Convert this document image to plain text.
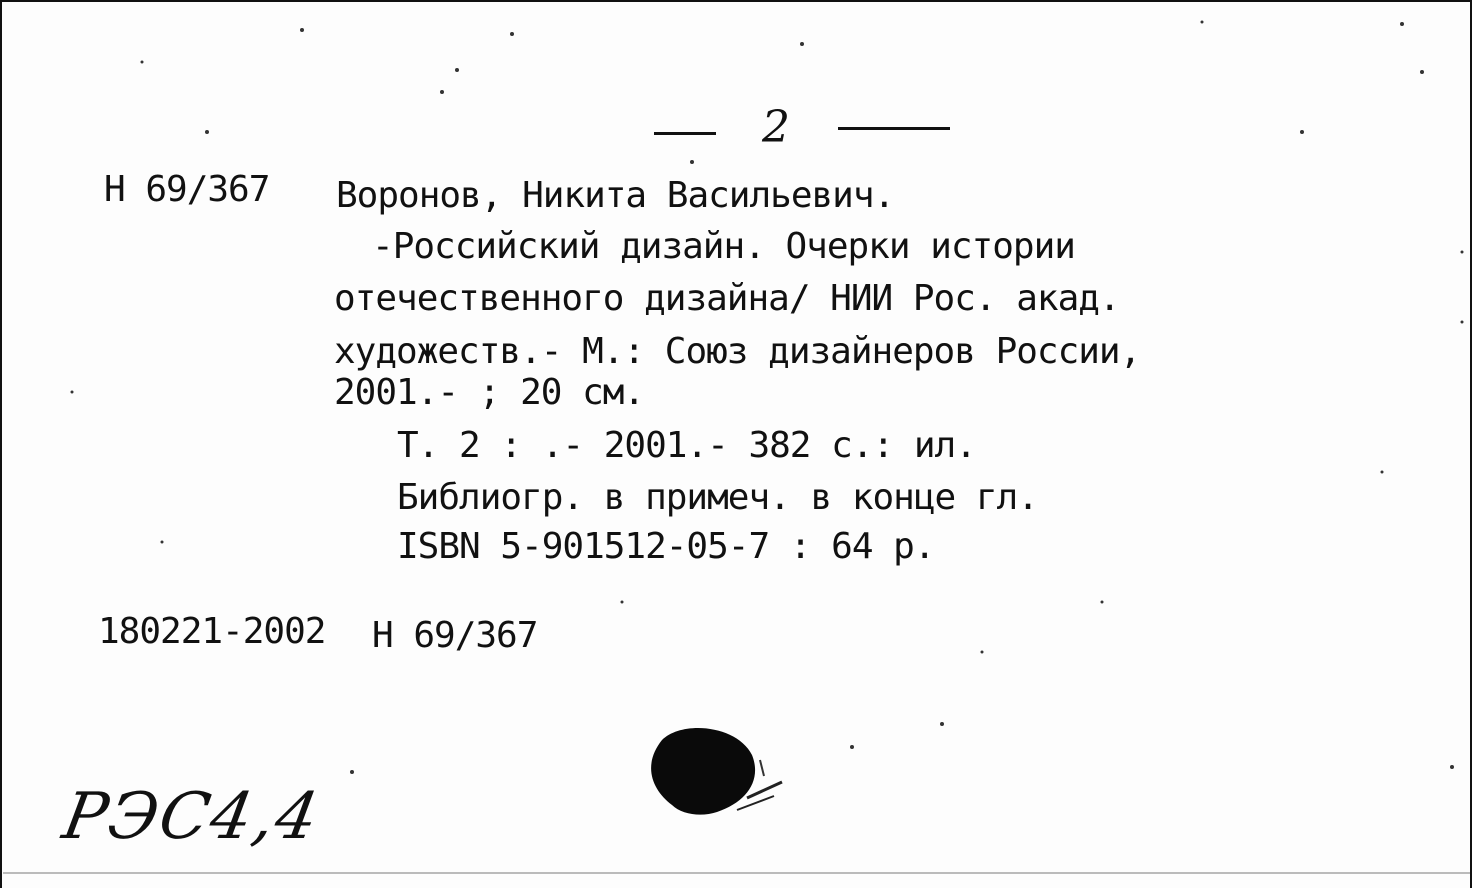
2
Н 69/367 Воронов, Никита Васильевич.
-Российский дизайн. Очерки истории
отечественного дизайна/ НИИ Рос. акад.
художеств.- М.: Союз дизайнеров России,
2001.- ; 20 см.
Т. 2 : .- 2001.- 382 с.: ил.
Библиогр. в примеч. в конце гл.
ISBN 5-901512-05-7 : 64 р.
180221-2002 Н 69/367
РЭС4,4
